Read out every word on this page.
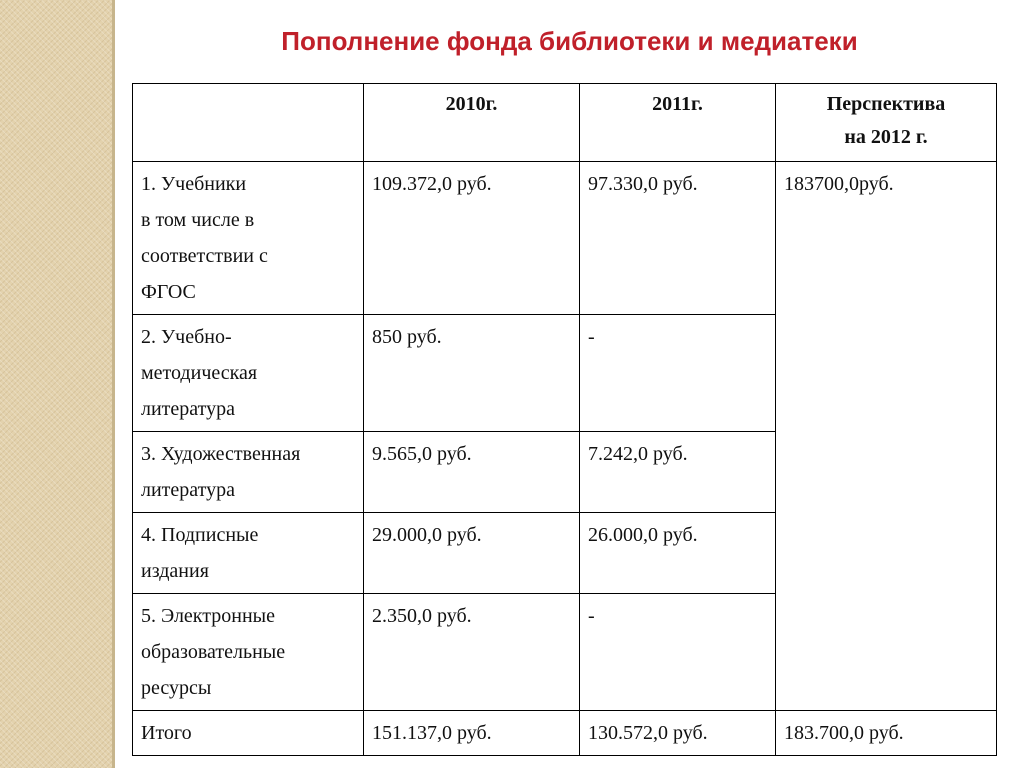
Пополнение фонда библиотеки и медиатеки
	2010г.	2011г.	Перспектива
на 2012 г.

1. Учебники
в том числе в
соответствии с
ФГОС	109.372,0 руб.	97.330,0 руб.	183700,0руб.

2. Учебно-
методическая
литература	850 руб.	-	

3. Художественная
литература	9.565,0 руб.	7.242,0 руб.	

4. Подписные
издания	29.000,0 руб.	26.000,0 руб.	

5. Электронные
образовательные
ресурсы	2.350,0 руб.	-	
Итого	151.137,0 руб.	130.572,0 руб.	183.700,0 руб.
